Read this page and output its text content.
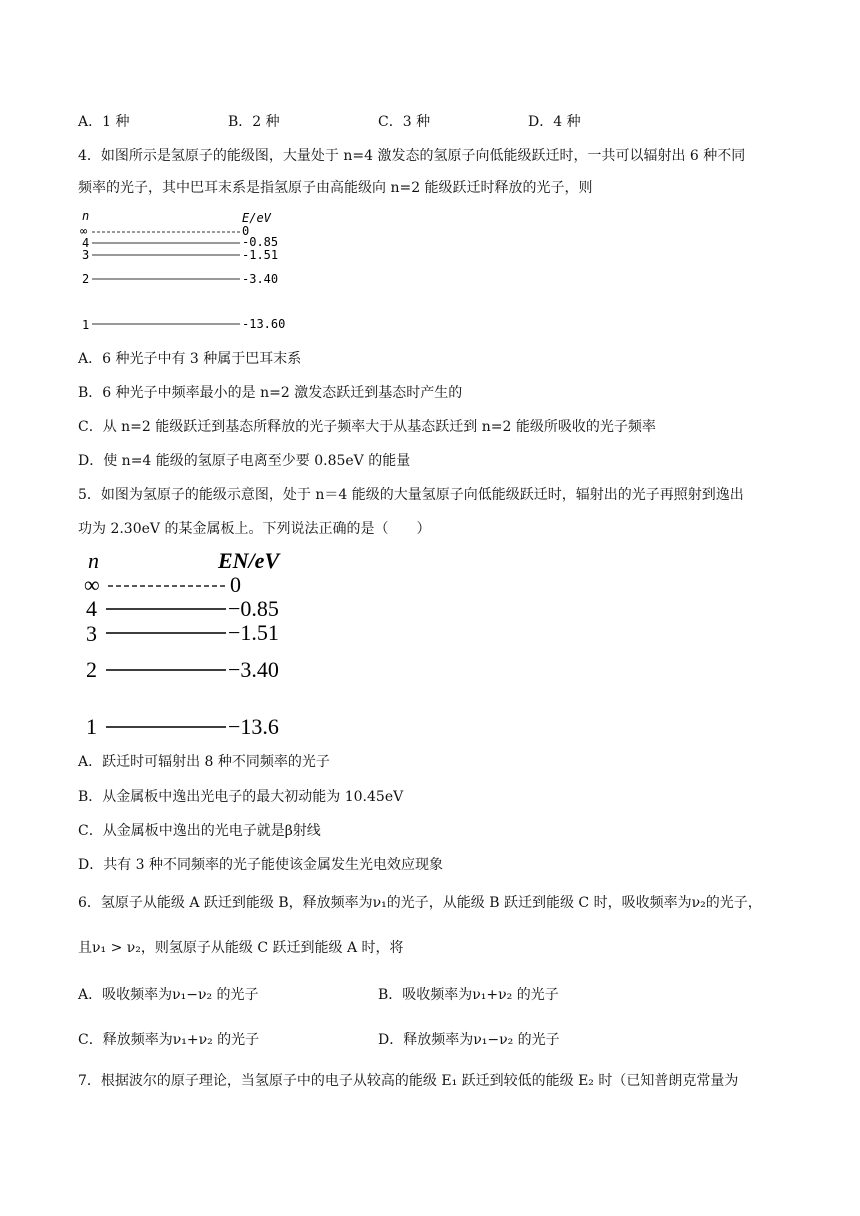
A．1 种	B．2 种	C．3 种	D．4 种
4．如图所示是氢原子的能级图，大量处于 n=4 激发态的氢原子向低能级跃迁时，一共可以辐射出 6 种不同
频率的光子，其中巴耳末系是指氢原子由高能级向 n=2 能级跃迁时释放的光子，则
n	E/eV
∞	0
4	-0.85
3	-1.51
2	-3.40
1	-13.60
A．6 种光子中有 3 种属于巴耳末系
B．6 种光子中频率最小的是 n=2 激发态跃迁到基态时产生的
C．从 n=2 能级跃迁到基态所释放的光子频率大于从基态跃迁到 n=2 能级所吸收的光子频率
D．使 n=4 能级的氢原子电离至少要 0.85eV 的能量
5．如图为氢原子的能级示意图，处于 n＝4 能级的大量氢原子向低能级跃迁时，辐射出的光子再照射到逸出
功为 2.30eV 的某金属板上。下列说法正确的是（　　）
n	EN/eV
∞	0
4	−0.85
3	−1.51
2	−3.40
1	−13.6
A．跃迁时可辐射出 8 种不同频率的光子
B．从金属板中逸出光电子的最大初动能为 10.45eV
C．从金属板中逸出的光电子就是β射线
D．共有 3 种不同频率的光子能使该金属发生光电效应现象
6．氢原子从能级 A 跃迁到能级 B，释放频率为ν₁的光子，从能级 B 跃迁到能级 C 时，吸收频率为ν₂的光子，
且ν₁ > ν₂，则氢原子从能级 C 跃迁到能级 A 时，将
A．吸收频率为ν₁−ν₂ 的光子	B．吸收频率为ν₁+ν₂ 的光子
C．释放频率为ν₁+ν₂ 的光子	D．释放频率为ν₁−ν₂ 的光子
7．根据波尔的原子理论，当氢原子中的电子从较高的能级 E₁ 跃迁到较低的能级 E₂ 时（已知普朗克常量为
